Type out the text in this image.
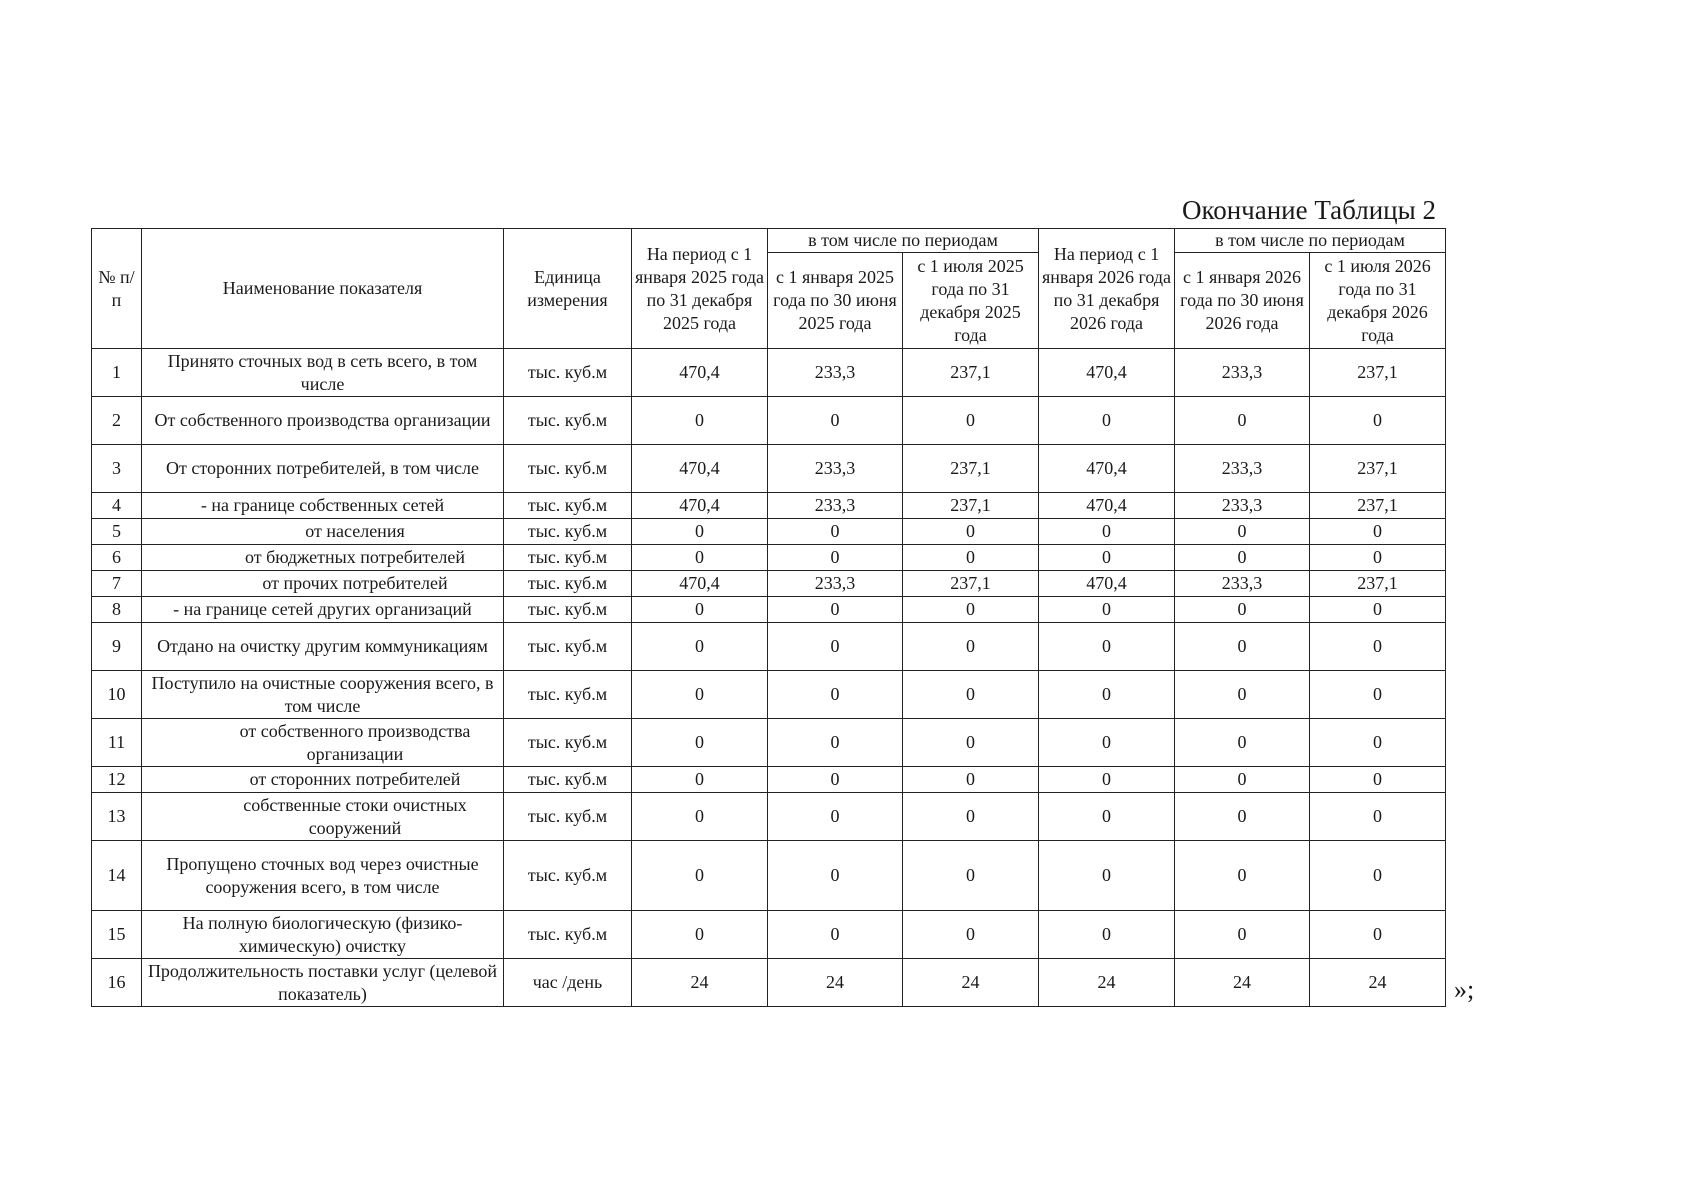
Окончание Таблицы 2
№ п/п	Наименование показателя	Единица измерения	На период с 1 января 2025 года по 31 декабря 2025 года	в том числе по периодам		На период с 1 января 2026 года по 31 декабря 2026 года	в том числе по периодам	
				с 1 января 2025 года по 30 июня 2025 года	с 1 июля 2025 года по 31 декабря 2025 года		с 1 января 2026 года по 30 июня 2026 года	с 1 июля 2026 года по 31 декабря 2026 года
1	Принято сточных вод в сеть всего, в том числе	тыс. куб.м	470,4	233,3	237,1	470,4	233,3	237,1
2	От собственного производства организации	тыс. куб.м	0	0	0	0	0	0
3	От сторонних потребителей, в том числе	тыс. куб.м	470,4	233,3	237,1	470,4	233,3	237,1
4	- на границе собственных сетей	тыс. куб.м	470,4	233,3	237,1	470,4	233,3	237,1
5	от населения	тыс. куб.м	0	0	0	0	0	0
6	от бюджетных потребителей	тыс. куб.м	0	0	0	0	0	0
7	от прочих потребителей	тыс. куб.м	470,4	233,3	237,1	470,4	233,3	237,1
8	- на границе сетей других организаций	тыс. куб.м	0	0	0	0	0	0
9	Отдано на очистку другим коммуникациям	тыс. куб.м	0	0	0	0	0	0
10	Поступило на очистные сооружения всего, в том числе	тыс. куб.м	0	0	0	0	0	0
11	от собственного производства организации	тыс. куб.м	0	0	0	0	0	0
12	от сторонних потребителей	тыс. куб.м	0	0	0	0	0	0
13	собственные стоки очистных сооружений	тыс. куб.м	0	0	0	0	0	0
14	Пропущено сточных вод через очистные сооружения всего, в том числе	тыс. куб.м	0	0	0	0	0	0
15	На полную биологическую (физико-химическую) очистку	тыс. куб.м	0	0	0	0	0	0
16	Продолжительность поставки услуг (целевой показатель)	час /день	24	24	24	24	24	24	»;
